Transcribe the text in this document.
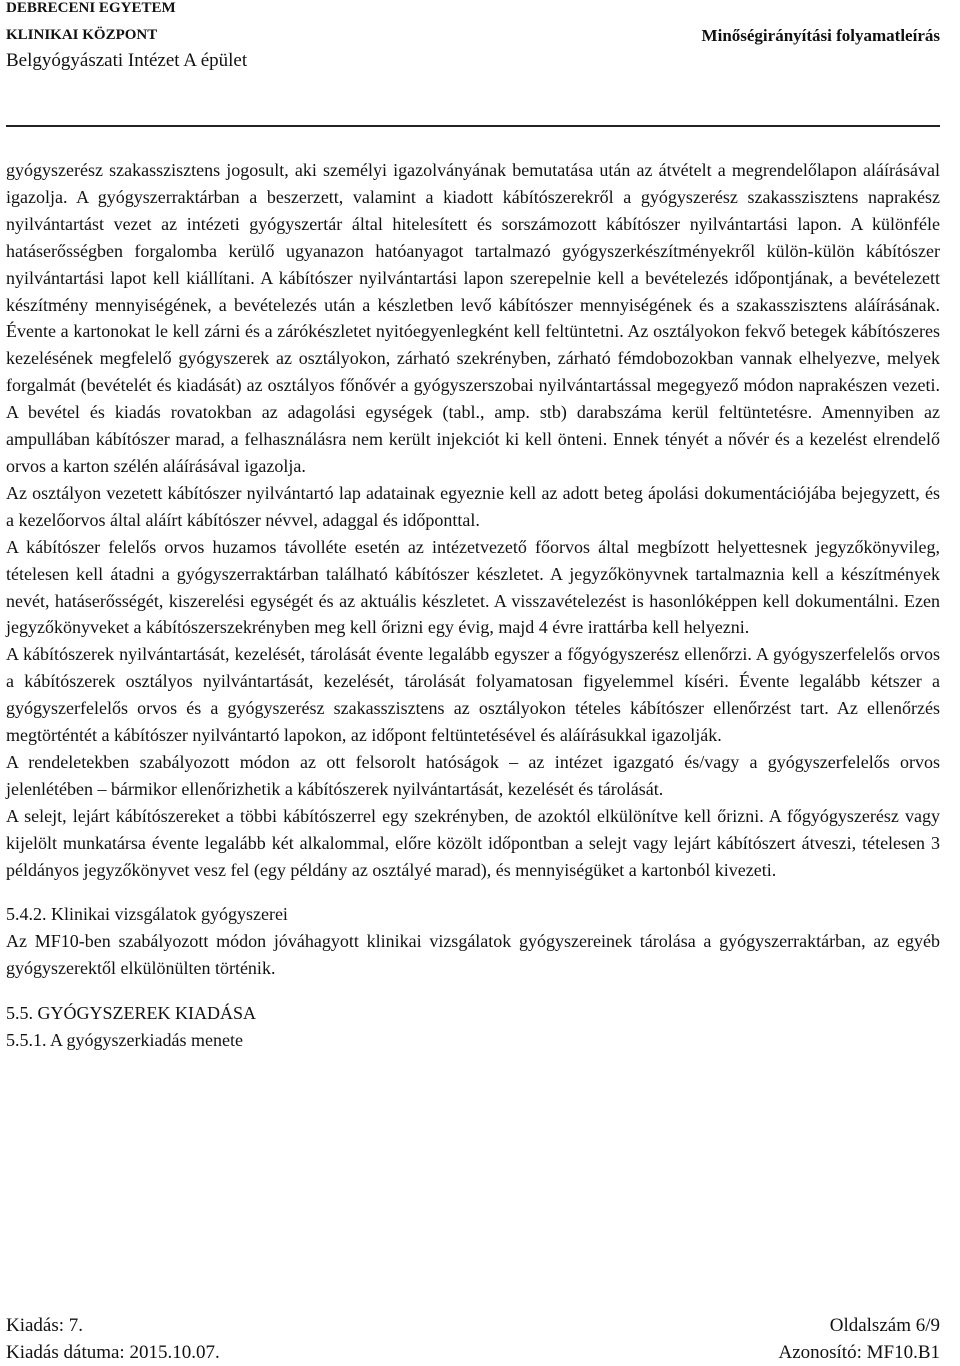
DEBRECENI EGYETEM
KLINIKAI KÖZPONT
Belgyógyászati Intézet A épület
Minőségirányítási folyamatleírás

gyógyszerész szakasszisztens jogosult, aki személyi igazolványának bemutatása után az átvételt a megrendelőlapon aláírásával igazolja. A gyógyszerraktárban a beszerzett, valamint a kiadott kábítószerekről a gyógyszerész szakasszisztens naprakész nyilvántartást vezet az intézeti gyógyszertár által hitelesített és sorszámozott kábítószer nyilvántartási lapon. A különféle hatáserősségben forgalomba kerülő ugyanazon hatóanyagot tartalmazó gyógyszerkészítményekről külön-külön kábítószer nyilvántartási lapot kell kiállítani. A kábítószer nyilvántartási lapon szerepelnie kell a bevételezés időpontjának, a bevételezett készítmény mennyiségének, a bevételezés után a készletben levő kábítószer mennyiségének és a szakasszisztens aláírásának. Évente a kartonokat le kell zárni és a zárókészletet nyitóegyenlegként kell feltüntetni. Az osztályokon fekvő betegek kábítószeres kezelésének megfelelő gyógyszerek az osztályokon, zárható szekrényben, zárható fémdobozokban vannak elhelyezve, melyek forgalmát (bevételét és kiadását) az osztályos főnővér a gyógyszerszobai nyilvántartással megegyező módon naprakészen vezeti. A bevétel és kiadás rovatokban az adagolási egységek (tabl., amp. stb) darabszáma kerül feltüntetésre. Amennyiben az ampullában kábítószer marad, a felhasználásra nem került injekciót ki kell önteni. Ennek tényét a nővér és a kezelést elrendelő orvos a karton szélén aláírásával igazolja.

Az osztályon vezetett kábítószer nyilvántartó lap adatainak egyeznie kell az adott beteg ápolási dokumentációjába bejegyzett, és a kezelőorvos által aláírt kábítószer névvel, adaggal és időponttal.

A kábítószer felelős orvos huzamos távolléte esetén az intézetvezető főorvos által megbízott helyettesnek jegyzőkönyvileg, tételesen kell átadni a gyógyszerraktárban található kábítószer készletet. A jegyzőkönyvnek tartalmaznia kell a készítmények nevét, hatáserősségét, kiszerelési egységét és az aktuális készletet. A visszavételezést is hasonlóképpen kell dokumentálni. Ezen jegyzőkönyveket a kábítószerszekrényben meg kell őrizni egy évig, majd 4 évre irattárba kell helyezni.

A kábítószerek nyilvántartását, kezelését, tárolását évente legalább egyszer a főgyógyszerész ellenőrzi. A gyógyszerfelelős orvos a kábítószerek osztályos nyilvántartását, kezelését, tárolását folyamatosan figyelemmel kíséri. Évente legalább kétszer a gyógyszerfelelős orvos és a gyógyszerész szakasszisztens az osztályokon tételes kábítószer ellenőrzést tart. Az ellenőrzés megtörténtét a kábítószer nyilvántartó lapokon, az időpont feltüntetésével és aláírásukkal igazolják.

A rendeletekben szabályozott módon az ott felsorolt hatóságok – az intézet igazgató és/vagy a gyógyszerfelelős orvos jelenlétében – bármikor ellenőrizhetik a kábítószerek nyilvántartását, kezelését és tárolását.

A selejt, lejárt kábítószereket a többi kábítószerrel egy szekrényben, de azoktól elkülönítve kell őrizni. A főgyógyszerész vagy kijelölt munkatársa évente legalább két alkalommal, előre közölt időpontban a selejt vagy lejárt kábítószert átveszi, tételesen 3 példányos jegyzőkönyvet vesz fel (egy példány az osztályé marad), és mennyiségüket a kartonból kivezeti.

5.4.2. Klinikai vizsgálatok gyógyszerei

Az MF10-ben szabályozott módon jóváhagyott klinikai vizsgálatok gyógyszereinek tárolása a gyógyszerraktárban, az egyéb gyógyszerektől elkülönülten történik.

5.5. GYÓGYSZEREK KIADÁSA

5.5.1. A gyógyszerkiadás menete

Kiadás: 7.	Oldalszám 6/9
Kiadás dátuma: 2015.10.07.	Azonosító: MF10.B1
